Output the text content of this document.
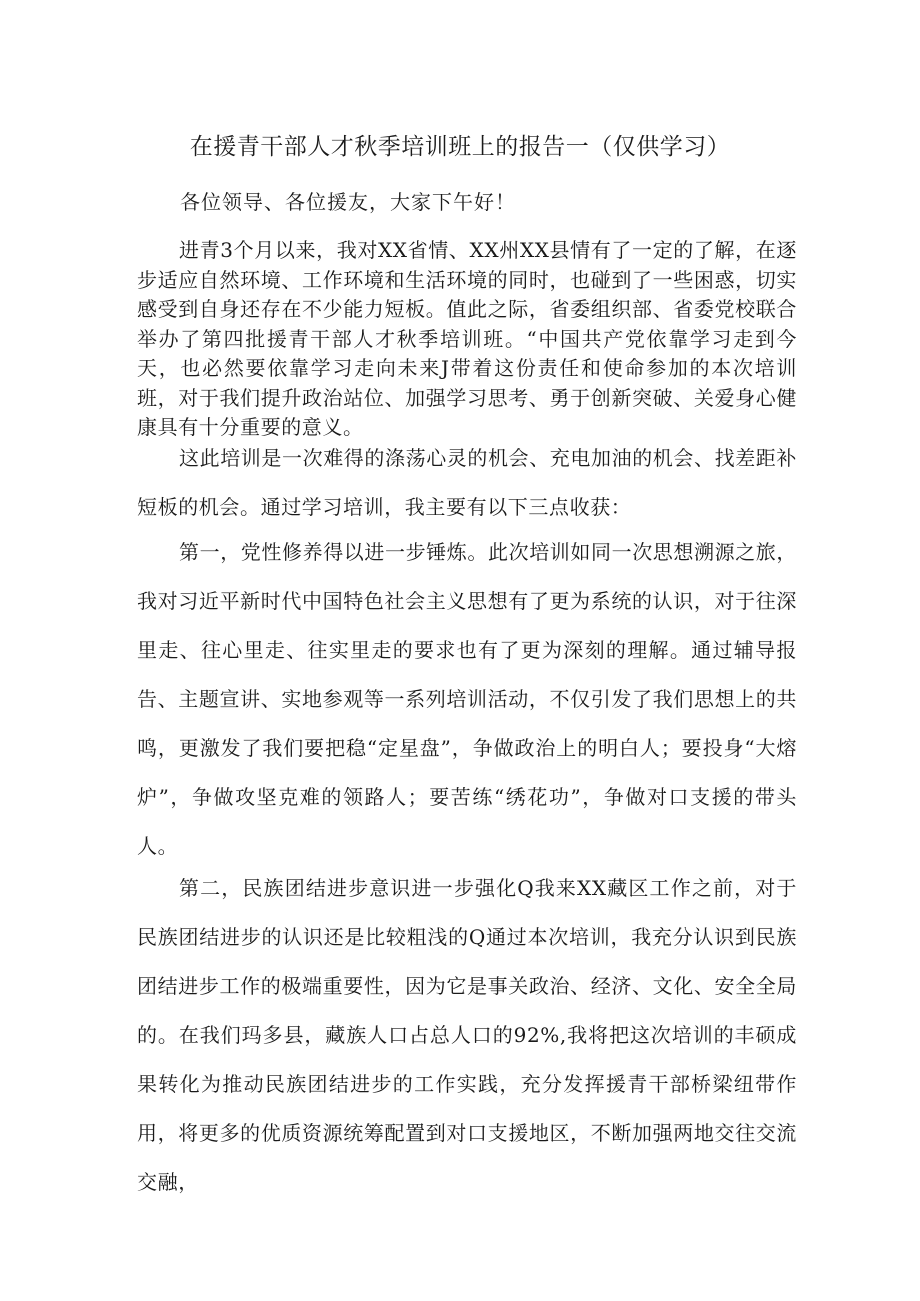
在援青干部人才秋季培训班上的报告一（仅供学习）

各位领导、各位援友，大家下午好！

进青3个月以来，我对XX省情、XX州XX县情有了一定的了解，在逐步适应自然环境、工作环境和生活环境的同时，也碰到了一些困惑，切实感受到自身还存在不少能力短板。值此之际，省委组织部、省委党校联合举办了第四批援青干部人才秋季培训班。“中国共产党依靠学习走到今天，也必然要依靠学习走向未来J带着这份责任和使命参加的本次培训班，对于我们提升政治站位、加强学习思考、勇于创新突破、关爱身心健康具有十分重要的意义。

这此培训是一次难得的涤荡心灵的机会、充电加油的机会、找差距补短板的机会。通过学习培训，我主要有以下三点收获：

第一，党性修养得以进一步锤炼。此次培训如同一次思想溯源之旅，我对习近平新时代中国特色社会主义思想有了更为系统的认识，对于往深里走、往心里走、往实里走的要求也有了更为深刻的理解。通过辅导报告、主题宣讲、实地参观等一系列培训活动，不仅引发了我们思想上的共鸣，更激发了我们要把稳“定星盘”，争做政治上的明白人；要投身“大熔炉”，争做攻坚克难的领路人；要苦练“绣花功”，争做对口支援的带头人。

第二，民族团结进步意识进一步强化Q我来XX藏区工作之前，对于民族团结进步的认识还是比较粗浅的Q通过本次培训，我充分认识到民族团结进步工作的极端重要性，因为它是事关政治、经济、文化、安全全局的。在我们玛多县，藏族人口占总人口的92%,我将把这次培训的丰硕成果转化为推动民族团结进步的工作实践，充分发挥援青干部桥梁纽带作用，将更多的优质资源统筹配置到对口支援地区，不断加强两地交往交流交融，
